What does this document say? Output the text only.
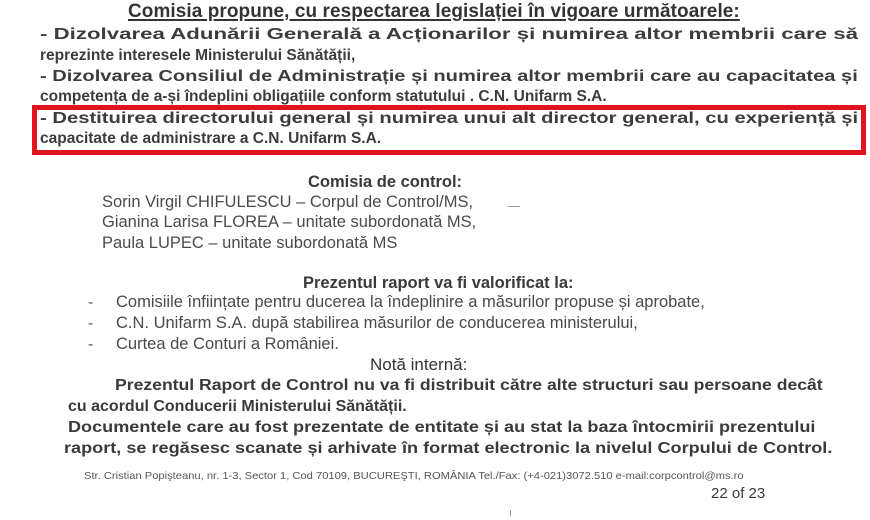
Comisia propune, cu respectarea legislației în vigoare următoarele:
- Dizolvarea Adunării Generală a Acționarilor și numirea altor membrii care să
reprezinte interesele Ministerului Sănătății,
- Dizolvarea Consiliul de Administrație și numirea altor membrii care au capacitatea și
competența de a-și îndeplini obligațiile conform statutului . C.N. Unifarm S.A.
- Destituirea directorului general și numirea unui alt director general, cu experiență și
capacitate de administrare a C.N. Unifarm S.A.
Comisia de control:
Sorin Virgil CHIFULESCU – Corpul de Control/MS,
Gianina Larisa FLOREA – unitate subordonată MS,
Paula LUPEC – unitate subordonată MS
Prezentul raport va fi valorificat la:
- Comisiile înființate pentru ducerea la îndeplinire a măsurilor propuse și aprobate,
- C.N. Unifarm S.A. după stabilirea măsurilor de conducerea ministerului,
- Curtea de Conturi a României.
Notă internă:
Prezentul Raport de Control nu va fi distribuit către alte structuri sau persoane decât
cu acordul Conducerii Ministerului Sănătății.
Documentele care au fost prezentate de entitate și au stat la baza întocmirii prezentului
raport, se regăsesc scanate și arhivate în format electronic la nivelul Corpului de Control.
Str. Cristian Popişteanu, nr. 1-3, Sector 1, Cod 70109, BUCUREŞTI, ROMÂNIA Tel./Fax: (+4-021)3072.510 e-mail:corpcontrol@ms.ro
22 of 23
